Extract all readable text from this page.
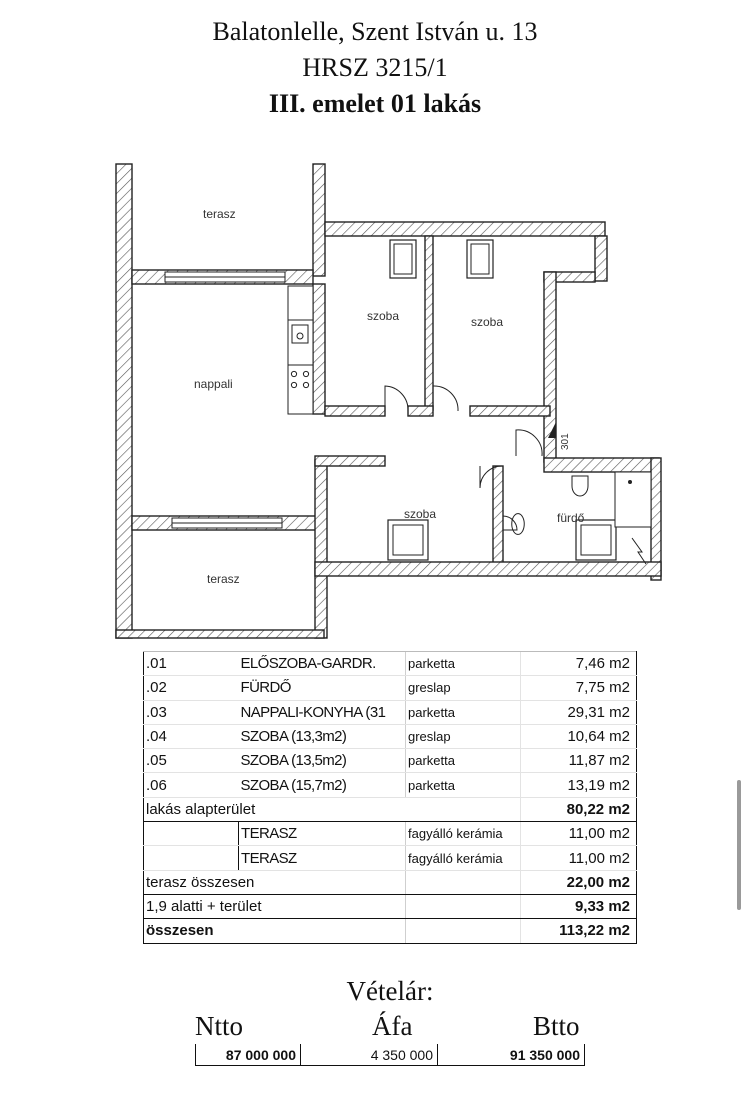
Balatonlelle, Szent István u. 13
HRSZ 3215/1
III. emelet 01 lakás
terasz
nappali
szoba	szoba
szoba	fürdő
terasz
301
.01	ELŐSZOBA-GARDR.	parketta	7,46 m2
.02	FÜRDŐ	greslap	7,75 m2
.03	NAPPALI-KONYHA (31	parketta	29,31 m2
.04	SZOBA (13,3m2)	greslap	10,64 m2
.05	SZOBA (13,5m2)	parketta	11,87 m2
.06	SZOBA (15,7m2)	parketta	13,19 m2
lakás alapterület			80,22 m2
	TERASZ	fagyálló kerámia	11,00 m2
	TERASZ	fagyálló kerámia	11,00 m2
terasz összesen			22,00 m2
1,9 alatti + terület			9,33 m2
összesen			113,22 m2
Vételár:
Ntto	Áfa	Btto
87 000 000	4 350 000	91 350 000
